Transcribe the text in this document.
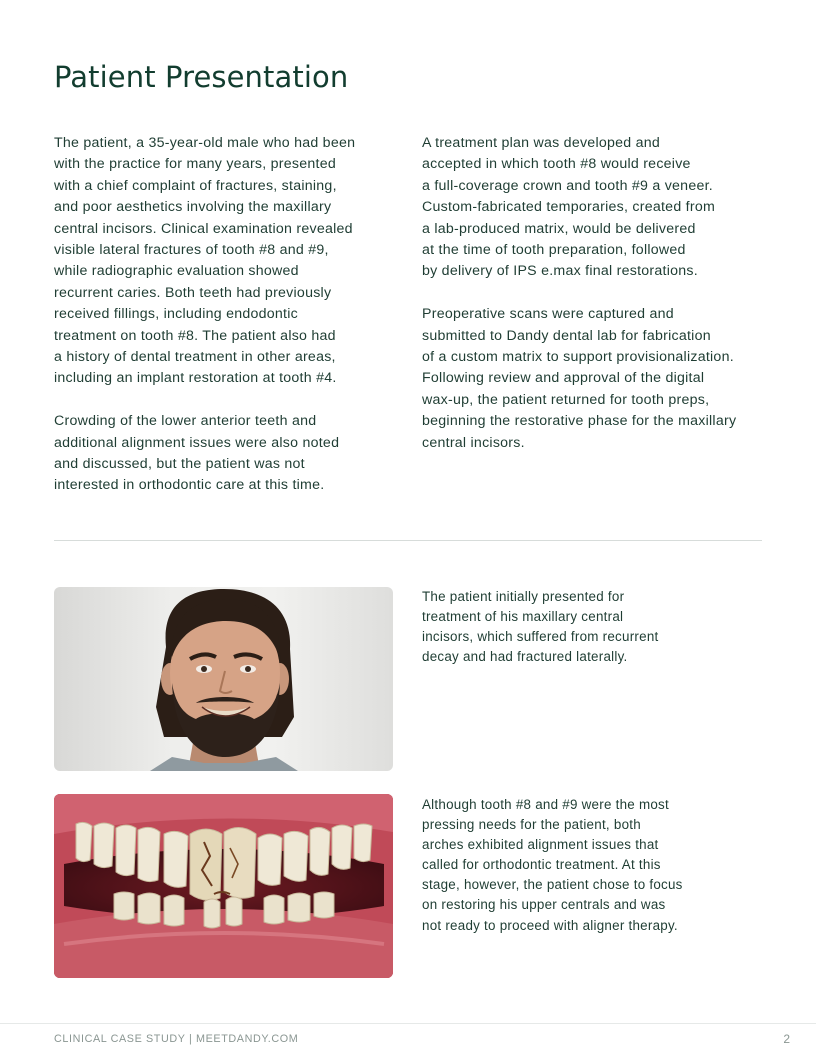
Patient Presentation

The patient, a 35-year-old male who had been
with the practice for many years, presented
with a chief complaint of fractures, staining,
and poor aesthetics involving the maxillary
central incisors. Clinical examination revealed
visible lateral fractures of tooth #8 and #9,
while radiographic evaluation showed
recurrent caries. Both teeth had previously
received fillings, including endodontic
treatment on tooth #8. The patient also had
a history of dental treatment in other areas,
including an implant restoration at tooth #4.

Crowding of the lower anterior teeth and
additional alignment issues were also noted
and discussed, but the patient was not
interested in orthodontic care at this time.

A treatment plan was developed and
accepted in which tooth #8 would receive
a full-coverage crown and tooth #9 a veneer.
Custom-fabricated temporaries, created from
a lab-produced matrix, would be delivered
at the time of tooth preparation, followed
by delivery of IPS e.max final restorations.

Preoperative scans were captured and
submitted to Dandy dental lab for fabrication
of a custom matrix to support provisionalization.
Following review and approval of the digital
wax-up, the patient returned for tooth preps,
beginning the restorative phase for the maxillary
central incisors.

The patient initially presented for
treatment of his maxillary central
incisors, which suffered from recurrent
decay and had fractured laterally.
Although tooth #8 and #9 were the most
pressing needs for the patient, both
arches exhibited alignment issues that
called for orthodontic treatment. At this
stage, however, the patient chose to focus
on restoring his upper centrals and was
not ready to proceed with aligner therapy.
CLINICAL CASE STUDY | MEETDANDY.COM	2
